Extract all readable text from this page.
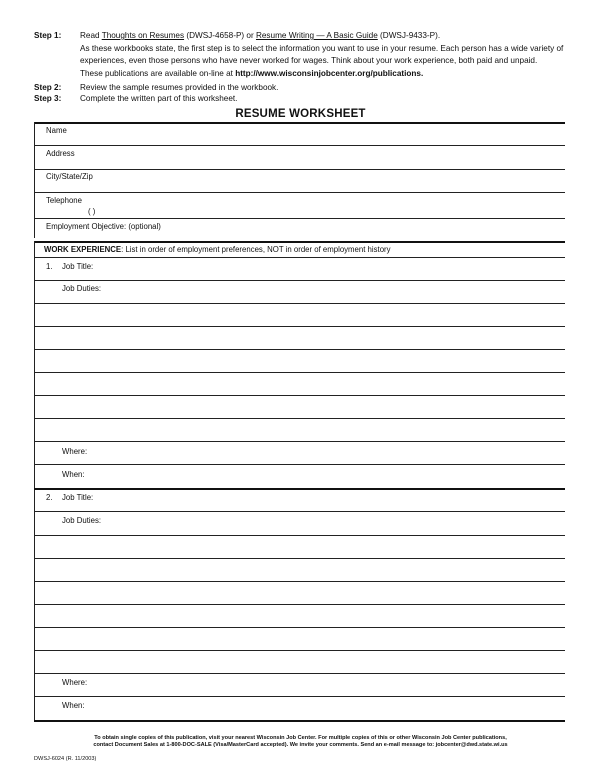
Step 1:	Read Thoughts on Resumes (DWSJ-4658-P) or Resume Writing — A Basic Guide (DWSJ-9433-P).
As these workbooks state, the first step is to select the information you want to use in your resume. Each person has a wide variety of experiences, even those persons who have never worked for wages. Think about your work experience, both paid and unpaid.
These publications are available on-line at http://www.wisconsinjobcenter.org/publications.
Step 2:	Review the sample resumes provided in the workbook.
Step 3:	Complete the written part of this worksheet.
RESUME WORKSHEET
Name
Address
City/State/Zip
Telephone
( )
Employment Objective: (optional)
WORK EXPERIENCE: List in order of employment preferences, NOT in order of employment history
1. Job Title:
Job Duties:
Where:
When:
2. Job Title:
Job Duties:
Where:
When:
To obtain single copies of this publication, visit your nearest Wisconsin Job Center. For multiple copies of this or other Wisconsin Job Center publications,
contact Document Sales at 1-800-DOC-SALE (Visa/MasterCard accepted). We invite your comments. Send an e-mail message to: jobcenter@dwd.state.wi.us
DWSJ-6024 (R. 11/2003)
